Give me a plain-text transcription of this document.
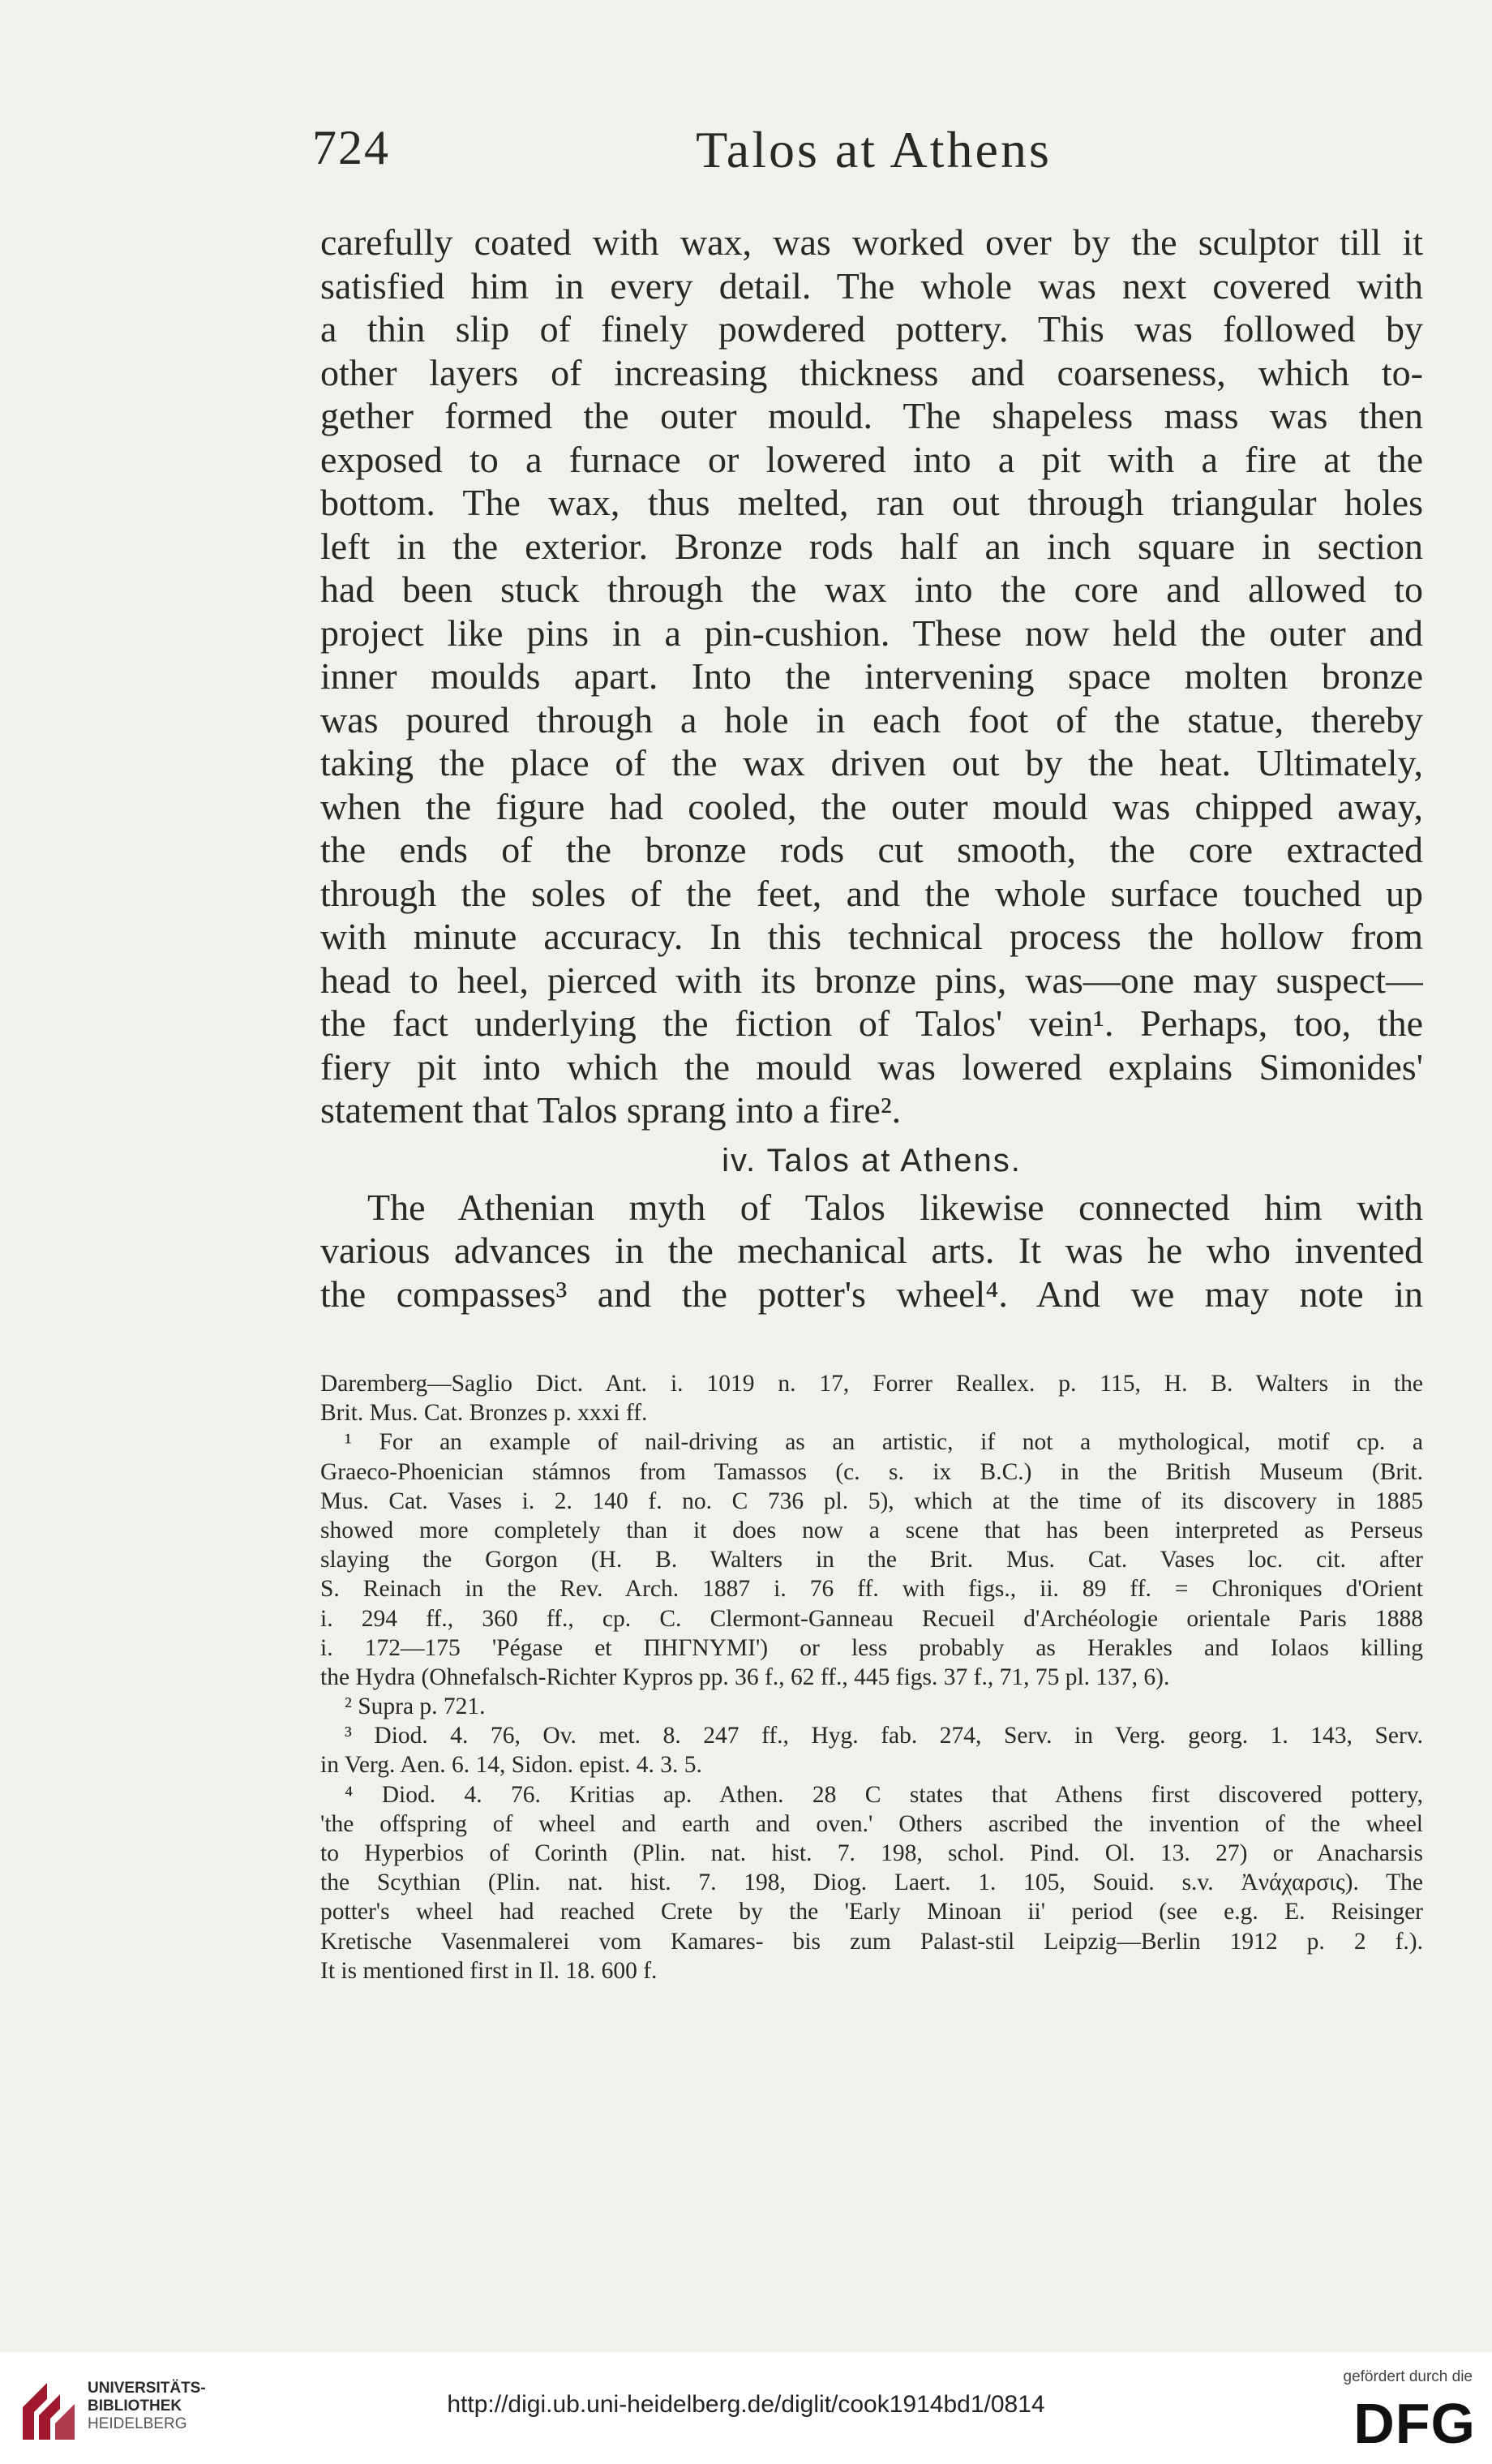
724	Talos at Athens
carefully coated with wax, was worked over by the sculptor till it
satisfied him in every detail. The whole was next covered with
a thin slip of finely powdered pottery. This was followed by
other layers of increasing thickness and coarseness, which to-
gether formed the outer mould. The shapeless mass was then
exposed to a furnace or lowered into a pit with a fire at the
bottom. The wax, thus melted, ran out through triangular holes
left in the exterior. Bronze rods half an inch square in section
had been stuck through the wax into the core and allowed to
project like pins in a pin-cushion. These now held the outer and
inner moulds apart. Into the intervening space molten bronze
was poured through a hole in each foot of the statue, thereby
taking the place of the wax driven out by the heat. Ultimately,
when the figure had cooled, the outer mould was chipped away,
the ends of the bronze rods cut smooth, the core extracted
through the soles of the feet, and the whole surface touched up
with minute accuracy. In this technical process the hollow from
head to heel, pierced with its bronze pins, was—one may suspect—
the fact underlying the fiction of Talos' vein¹. Perhaps, too, the
fiery pit into which the mould was lowered explains Simonides'
statement that Talos sprang into a fire².
iv. Talos at Athens.
The Athenian myth of Talos likewise connected him with
various advances in the mechanical arts. It was he who invented
the compasses³ and the potter's wheel⁴. And we may note in
Daremberg—Saglio Dict. Ant. i. 1019 n. 17, Forrer Reallex. p. 115, H. B. Walters in the
Brit. Mus. Cat. Bronzes p. xxxi ff.
¹ For an example of nail-driving as an artistic, if not a mythological, motif cp. a
Graeco-Phoenician stámnos from Tamassos (c. s. ix B.C.) in the British Museum (Brit.
Mus. Cat. Vases i. 2. 140 f. no. C 736 pl. 5), which at the time of its discovery in 1885
showed more completely than it does now a scene that has been interpreted as Perseus
slaying the Gorgon (H. B. Walters in the Brit. Mus. Cat. Vases loc. cit. after
S. Reinach in the Rev. Arch. 1887 i. 76 ff. with figs., ii. 89 ff. = Chroniques d'Orient
i. 294 ff., 360 ff., cp. C. Clermont-Ganneau Recueil d'Archéologie orientale Paris 1888
i. 172—175 'Pégase et ΠΗΓΝΥΜΙ') or less probably as Herakles and Iolaos killing
the Hydra (Ohnefalsch-Richter Kypros pp. 36 f., 62 ff., 445 figs. 37 f., 71, 75 pl. 137, 6).
² Supra p. 721.
³ Diod. 4. 76, Ov. met. 8. 247 ff., Hyg. fab. 274, Serv. in Verg. georg. 1. 143, Serv.
in Verg. Aen. 6. 14, Sidon. epist. 4. 3. 5.
⁴ Diod. 4. 76. Kritias ap. Athen. 28 C states that Athens first discovered pottery,
'the offspring of wheel and earth and oven.' Others ascribed the invention of the wheel
to Hyperbios of Corinth (Plin. nat. hist. 7. 198, schol. Pind. Ol. 13. 27) or Anacharsis
the Scythian (Plin. nat. hist. 7. 198, Diog. Laert. 1. 105, Souid. s.v. Ἀνάχαρσις). The
potter's wheel had reached Crete by the 'Early Minoan ii' period (see e.g. E. Reisinger
Kretische Vasenmalerei vom Kamares- bis zum Palast-stil Leipzig—Berlin 1912 p. 2 f.).
It is mentioned first in Il. 18. 600 f.
UNIVERSITÄTS-
BIBLIOTHEK
HEIDELBERG
http://digi.ub.uni-heidelberg.de/diglit/cook1914bd1/0814
gefördert durch die
DFG
